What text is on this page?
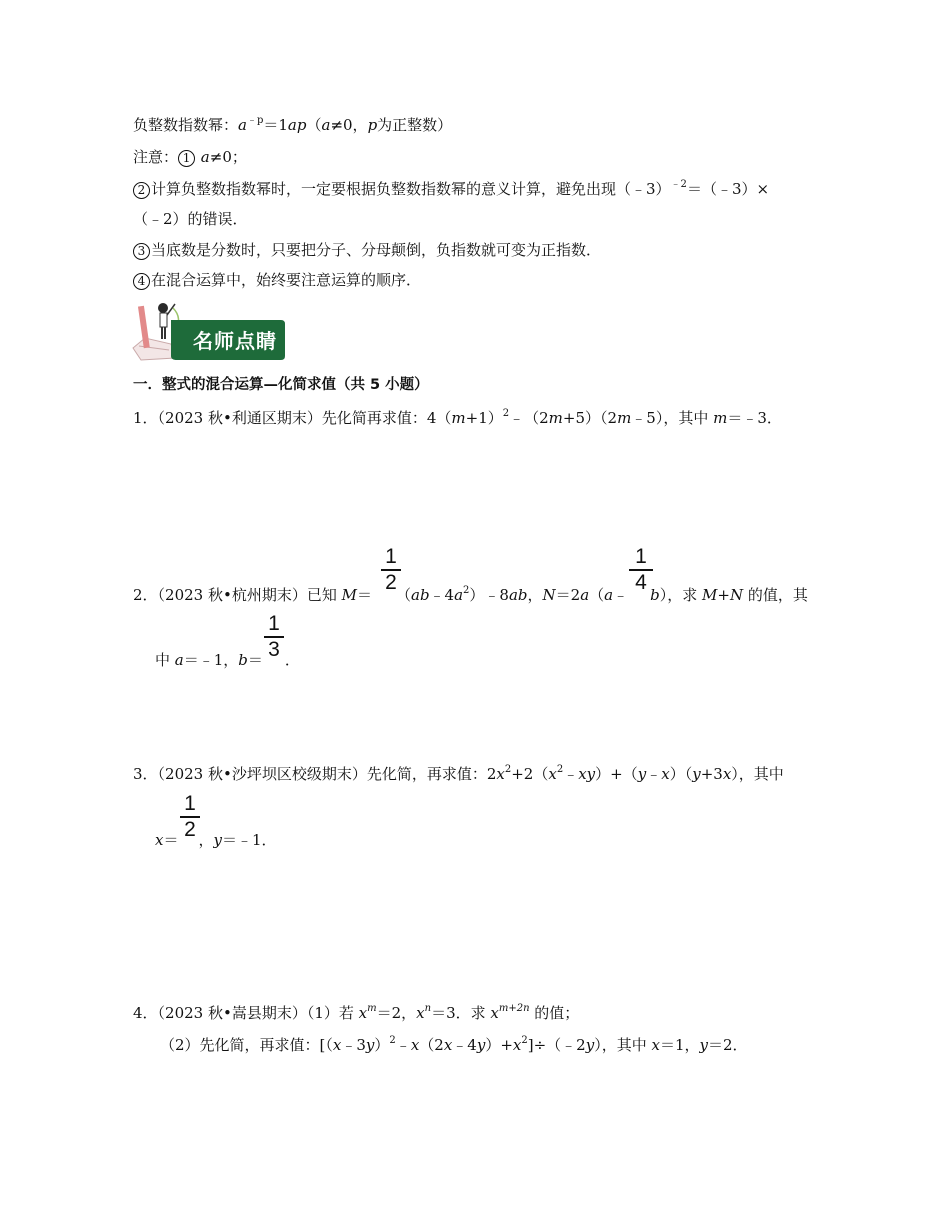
负整数指数幂：$a^{﹣p}=1ap(a\ne 0$，p为正整数）
注意： 1 a≠0；
2 计算负整数指数幂时，一定要根据负整数指数幂的意义计算，避免出现（﹣3）$^{﹣2}$＝（﹣3）×
（﹣2）的错误．
3 当底数是分数时，只要把分子、分母颠倒，负指数就可变为正指数．
4 在混合运算中，始终要注意运算的顺序．
名师点睛
一．整式的混合运算—化简求值（共 5 小题）
1．（2023 秋•利通区期末）先化简再求值：$4(m+1)^2﹣(2m+5)(2m﹣5)$，其中 m＝﹣3．
1
2
1
4
2．（2023 秋•杭州期末）已知 $M= (ab﹣4a^2)﹣8ab$，N＝2a（a﹣ b），求 M+N 的值，其
1
3
中 a＝﹣1，b＝ ．
3．（2023 秋•沙坪坝区校级期末）先化简，再求值：$2x^2+2(x^2﹣xy)+(y﹣x)(y+3x)$，其中
1
2
x＝ ，y＝﹣1．
4．（2023 秋•嵩县期末）（1）若 $x^m=2$，$x^n=3$．求 $x^{m+2n}$ 的值；
（2）先化简，再求值：$[(x﹣3y)^2﹣x(2x﹣4y)+x^2]\div(﹣2y)$，其中 x＝1，y＝2．
